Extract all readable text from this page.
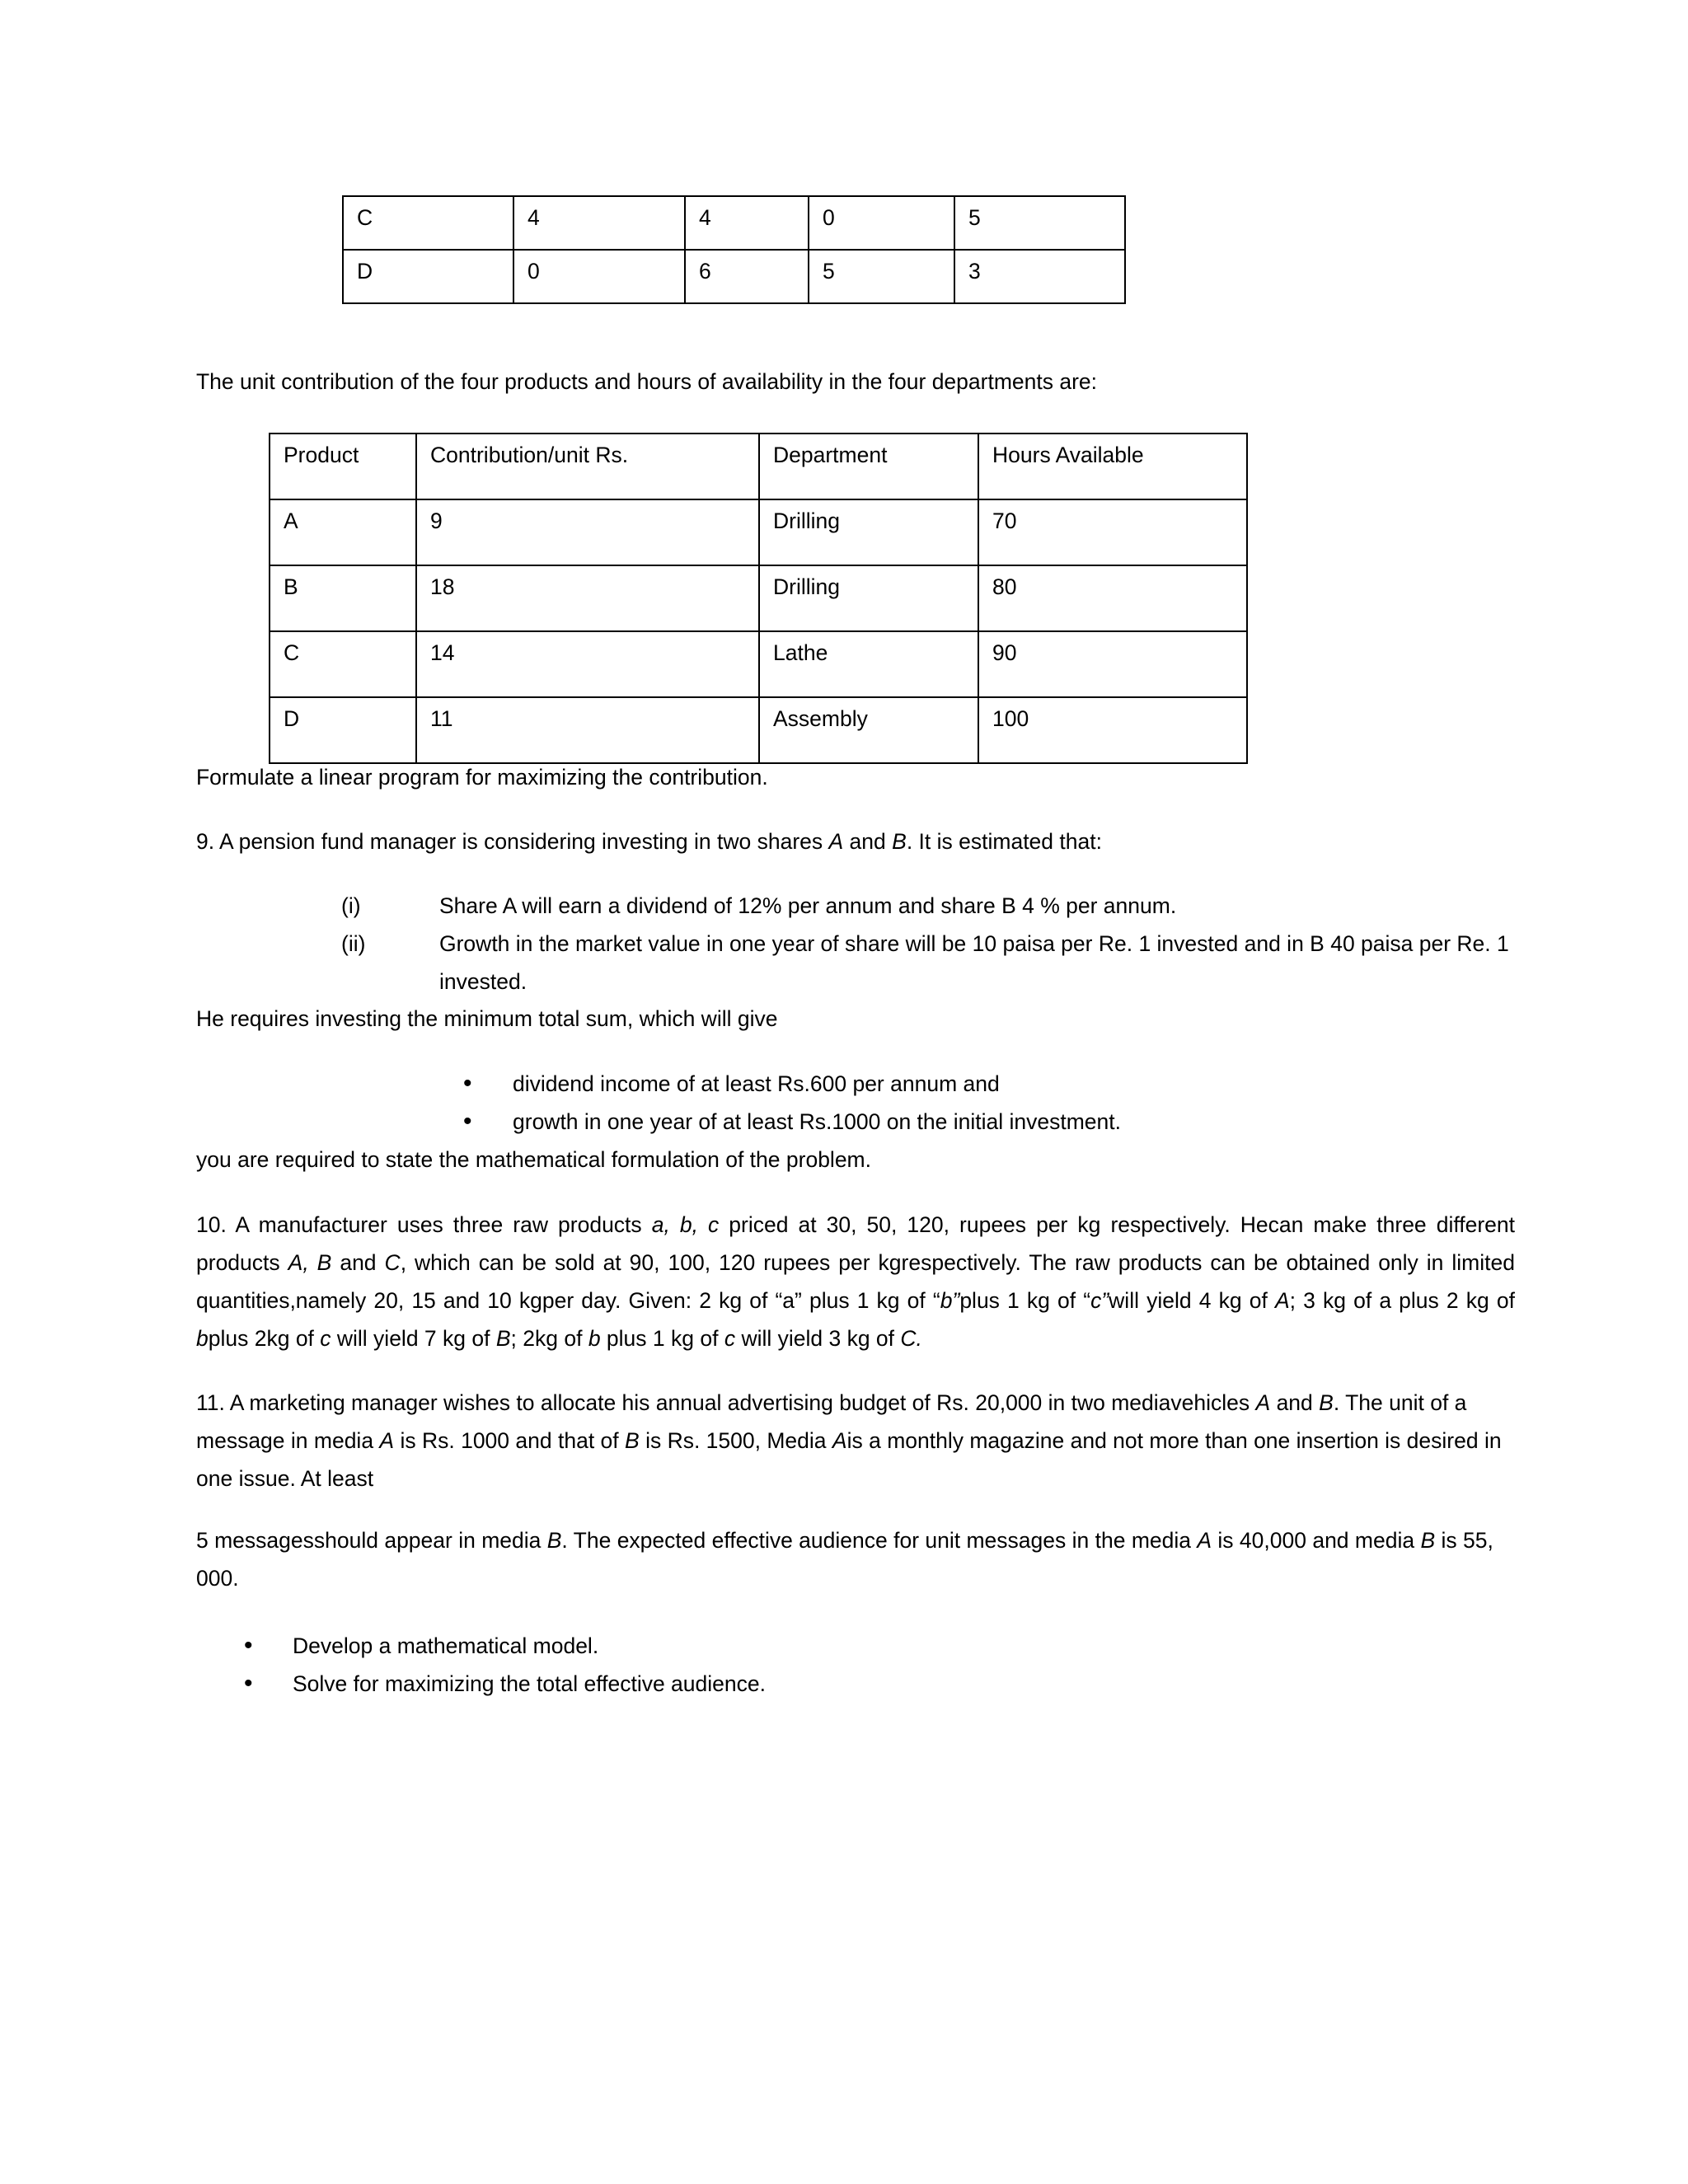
C	4	4	0	5
D	0	6	5	3

The unit contribution of the four products and hours of availability in the four departments are:

Product	Contribution/unit Rs.	Department	Hours Available
A	9	Drilling	70
B	18	Drilling	80
C	14	Lathe	90
D	11	Assembly	100

Formulate a linear program for maximizing the contribution.

9. A pension fund manager is considering investing in two shares A and B. It is estimated that:

(i)	Share A will earn a dividend of 12% per annum and share B 4 % per annum.
(ii)	Growth in the market value in one year of share will be 10 paisa per Re. 1 invested and in B 40 paisa per Re. 1
invested.

He requires investing the minimum total sum, which will give

• dividend income of at least Rs.600 per annum and
• growth in one year of at least Rs.1000 on the initial investment.

you are required to state the mathematical formulation of the problem.

10. A manufacturer uses three raw products a, b, c priced at 30, 50, 120, rupees per kg respectively. Hecan make three different products A, B and C, which can be sold at 90, 100, 120 rupees per kgrespectively. The raw products can be obtained only in limited quantities,namely 20, 15 and 10 kgper day. Given: 2 kg of “a” plus 1 kg of “b”plus 1 kg of “c”will yield 4 kg of A; 3 kg of a plus 2 kg of bplus 2kg of c will yield 7 kg of B; 2kg of b plus 1 kg of c will yield 3 kg of C.

11. A marketing manager wishes to allocate his annual advertising budget of Rs. 20,000 in two mediavehicles A and B. The unit of a message in media A is Rs. 1000 and that of B is Rs. 1500, Media Ais a monthly magazine and not more than one insertion is desired in one issue. At least

5 messagesshould appear in media B. The expected effective audience for unit messages in the media A is 40,000 and media B is 55, 000.

• Develop a mathematical model.
• Solve for maximizing the total effective audience.
